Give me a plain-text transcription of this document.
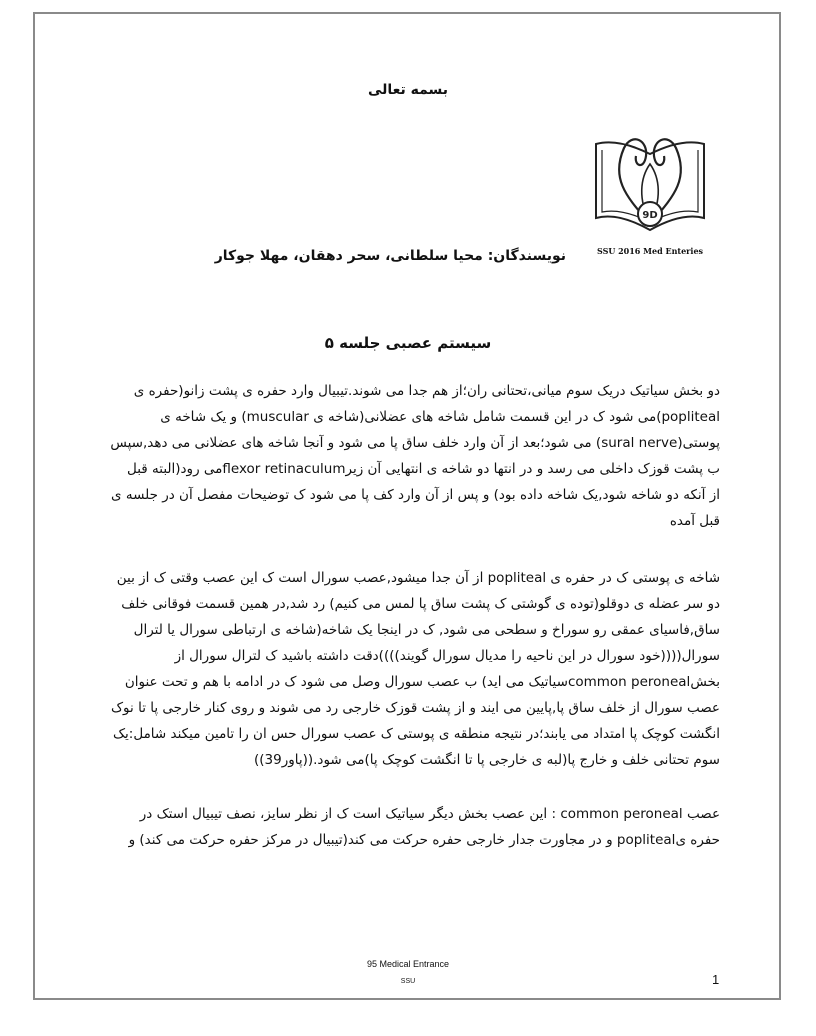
بسمه تعالی
9D
SSU 2016 Med Enteries
نویسندگان: محیا سلطانی، سحر دهقان، مهلا جوکار
سیستم عصبی جلسه ۵
دو بخش سیاتیک دریک سوم میانی،تحتانی ران؛از هم جدا می شوند.تیبیال وارد حفره ی پشت زانو(حفره ی
popliteal)می شود ک در این قسمت شامل شاخه های عضلانی(شاخه ی muscular) و یک شاخه ی
پوستی(sural nerve) می شود؛بعد از آن وارد خلف ساق پا می شود و آنجا شاخه های عضلانی می دهد,سپس
ب پشت قوزک داخلی می رسد و در انتها دو شاخه ی انتهایی آن زیرflexor retinaculumمی رود(البته قبل
از آنکه دو شاخه شود,یک شاخه داده بود) و پس از آن وارد کف پا می شود ک توضیحات مفصل آن در جلسه ی
قبل آمده
شاخه ی پوستی ک در حفره ی popliteal از آن جدا میشود,عصب سورال است ک این عصب وقتی ک از بین
دو سر عضله ی دوقلو(توده ی گوشتی ک پشت ساق پا لمس می کنیم) رد شد,در همین قسمت فوقانی خلف
ساق,فاسیای عمقی رو سوراخ و سطحی می شود, ک در اینجا یک شاخه(شاخه ی ارتباطی سورال یا لترال
سورال((((خود سورال در این ناحیه را مدیال سورال گویند))))دقت داشته باشید ک لترال سورال از
بخشcommon peronealسیاتیک می اید) ب عصب سورال وصل می شود ک در ادامه با هم و تحت عنوان
عصب سورال از خلف ساق پا,پایین می ایند و از پشت قوزک خارجی رد می شوند و روی کنار خارجی پا تا نوک
انگشت کوچک پا امتداد می یابند؛در نتیجه منطقه ی پوستی ک عصب سورال حس ان را تامین میکند شامل:یک
سوم تحتانی خلف و خارج پا(لبه ی خارجی پا تا انگشت کوچک پا)می شود.((پاور39))
عصب common peroneal : این عصب بخش دیگر سیاتیک است ک از نظر سایز، نصف تیبیال استک در
حفره یpopliteal و در مجاورت جدار خارجی حفره حرکت می کند(تیبیال در مرکز حفره حرکت می کند) و
95 Medical Entrance
SSU	1
